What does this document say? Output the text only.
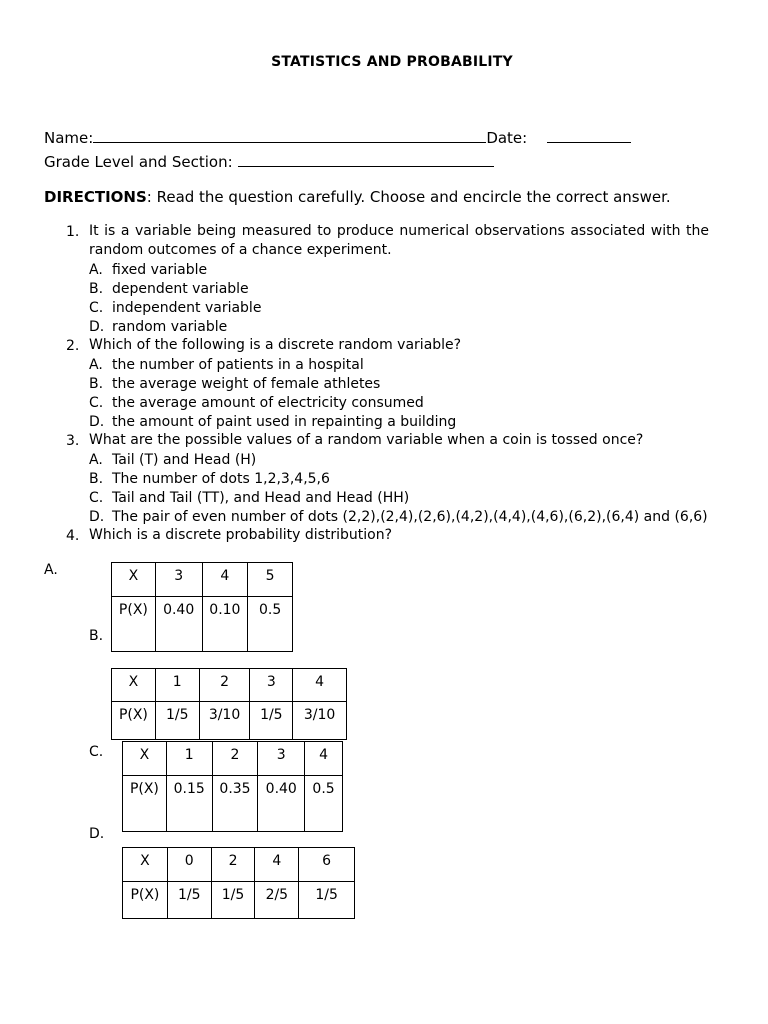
STATISTICS AND PROBABILITY
Name:	Date:
Grade Level and Section:
DIRECTIONS: Read the question carefully. Choose and encircle the correct answer.
1. It is a variable being measured to produce numerical observations associated with the random outcomes of a chance experiment.
A. fixed variable
B. dependent variable
C. independent variable
D. random variable
2. Which of the following is a discrete random variable?
A. the number of patients in a hospital
B. the average weight of female athletes
C. the average amount of electricity consumed
D. the amount of paint used in repainting a building
3. What are the possible values of a random variable when a coin is tossed once?
A. Tail (T) and Head (H)
B. The number of dots 1,2,3,4,5,6
C. Tail and Tail (TT), and Head and Head (HH)
D. The pair of even number of dots (2,2),(2,4),(2,6),(4,2),(4,4),(4,6),(6,2),(6,4) and (6,6)
4. Which is a discrete probability distribution?
A.	X	3	4	5
P(X)	0.40	0.10	0.5
B.
X	1	2	3	4
P(X)	1/5	3/10	1/5	3/10
C.	X	1	2	3	4
P(X)	0.15	0.35	0.40	0.5
D.
X	0	2	4	6
P(X)	1/5	1/5	2/5	1/5
